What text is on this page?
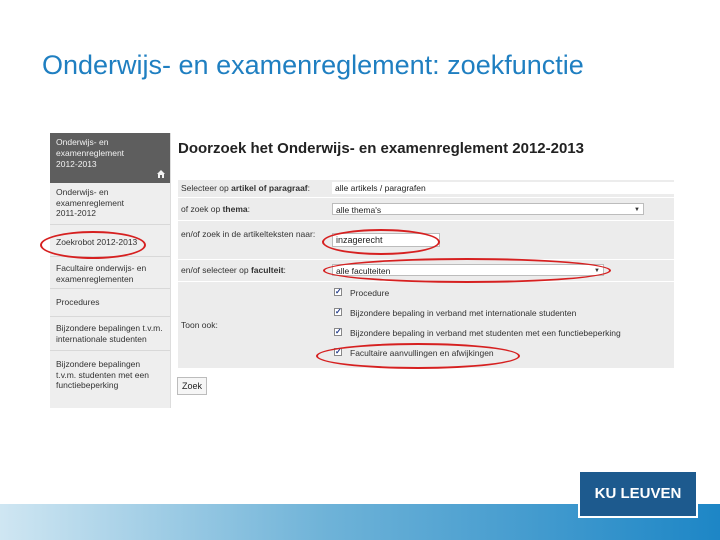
Onderwijs- en examenreglement: zoekfunctie
Onderwijs- en examenreglement 2012-2013
Onderwijs- en examenreglement 2011-2012
Zoekrobot 2012-2013
Facultaire onderwijs- en examenreglementen
Procedures
Bijzondere bepalingen t.v.m. internationale studenten
Bijzondere bepalingen t.v.m. studenten met een functiebeperking
Doorzoek het Onderwijs- en examenreglement 2012-2013
Selecteer op artikel of paragraaf:	alle artikels / paragrafen
of zoek op thema:	alle thema's	▼
en/of zoek in de artikelteksten naar:
inzagerecht
en/of selecteer op faculteit:	alle faculteiten	▼
Toon ook:
✓ Procedure
✓ Bijzondere bepaling in verband met internationale studenten
✓ Bijzondere bepaling in verband met studenten met een functiebeperking
✓ Facultaire aanvullingen en afwijkingen
Zoek
KU LEUVEN
